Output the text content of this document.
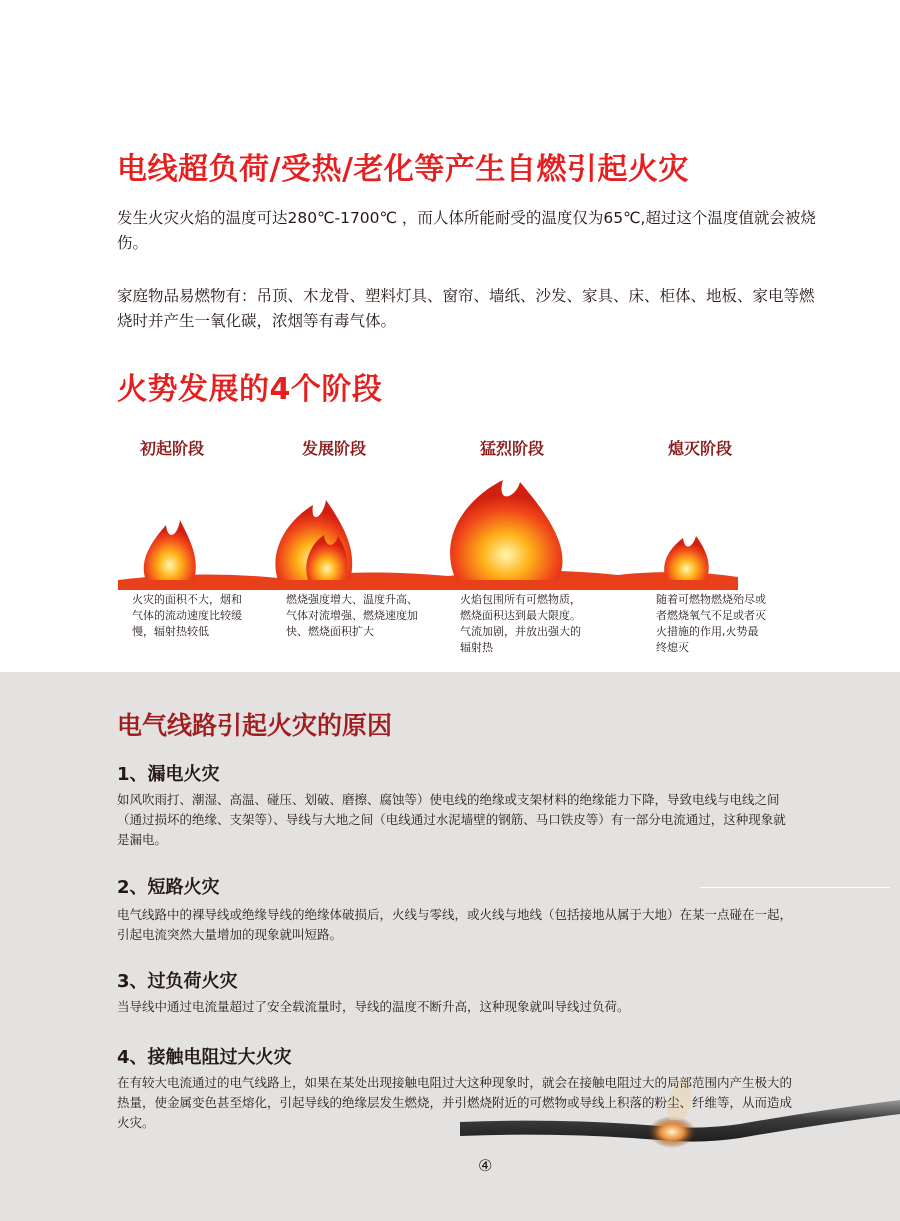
电线超负荷/受热/老化等产生自燃引起火灾
发生火灾火焰的温度可达280℃-1700℃ ，而人体所能耐受的温度仅为65℃,超过这个温度值就会被烧伤。
家庭物品易燃物有：吊顶、木龙骨、塑料灯具、窗帘、墙纸、沙发、家具、床、柜体、地板、家电等燃烧时并产生一氧化碳，浓烟等有毒气体。
火势发展的4个阶段
初起阶段	发展阶段	猛烈阶段	熄灭阶段
火灾的面积不大，烟和气体的流动速度比较缓慢，辐射热较低
燃烧强度增大、温度升高、气体对流增强、燃烧速度加快、燃烧面积扩大
火焰包围所有可燃物质，燃烧面积达到最大限度。气流加剧，并放出强大的辐射热
随着可燃物燃烧殆尽或者燃烧氧气不足或者灭火措施的作用,火势最终熄灭
电气线路引起火灾的原因
1、漏电火灾
如风吹雨打、潮湿、高温、碰压、划破、磨擦、腐蚀等）使电线的绝缘或支架材料的绝缘能力下降，导致电线与电线之间（通过损坏的绝缘、支架等）、导线与大地之间（电线通过水泥墙壁的钢筋、马口铁皮等）有一部分电流通过，这种现象就是漏电。
2、短路火灾
电气线路中的裸导线或绝缘导线的绝缘体破损后，火线与零线，或火线与地线（包括接地从属于大地）在某一点碰在一起，引起电流突然大量增加的现象就叫短路。
3、过负荷火灾
当导线中通过电流量超过了安全载流量时，导线的温度不断升高，这种现象就叫导线过负荷。
4、接触电阻过大火灾
在有较大电流通过的电气线路上，如果在某处出现接触电阻过大这种现象时，就会在接触电阻过大的局部范围内产生极大的热量，使金属变色甚至熔化，引起导线的绝缘层发生燃烧，并引燃烧附近的可燃物或导线上积落的粉尘、纤维等，从而造成火灾。
④
